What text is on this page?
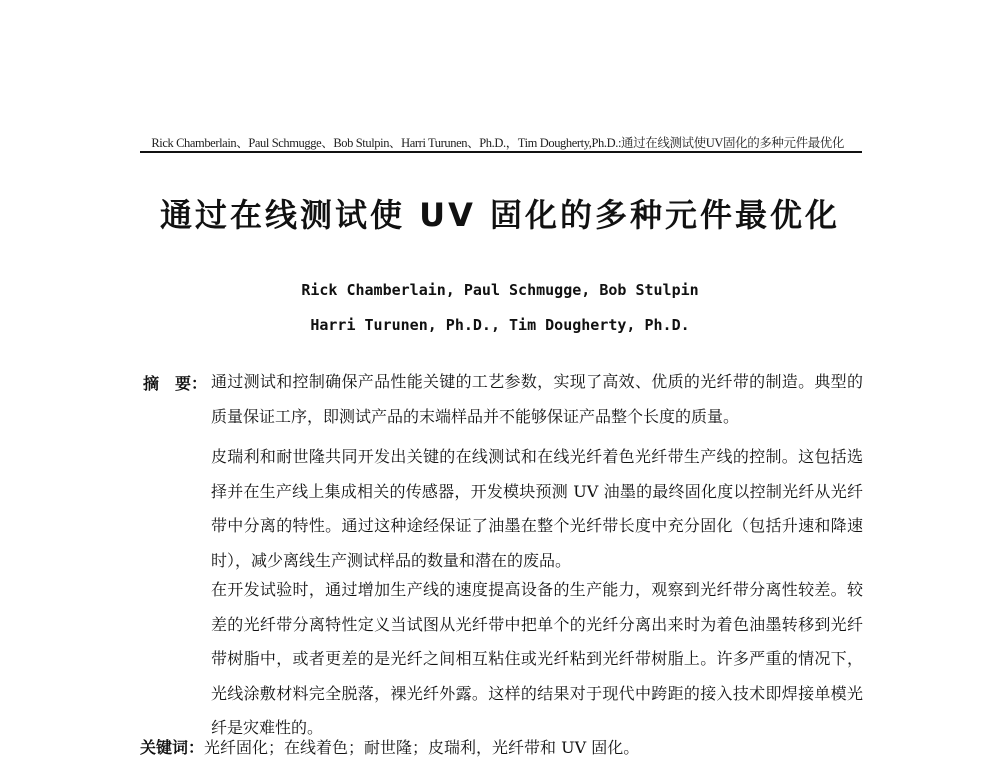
Rick Chamberlain、Paul Schmugge、Bob Stulpin、Harri Turunen、Ph.D.，Tim Dougherty,Ph.D.:通过在线测试使UV固化的多种元件最优化
通过在线测试使 UV 固化的多种元件最优化
Rick Chamberlain, Paul Schmugge, Bob Stulpin
Harri Turunen, Ph.D., Tim Dougherty, Ph.D.
摘　要： 通过测试和控制确保产品性能关键的工艺参数，实现了高效、优质的光纤带的制造。典型的质量保证工序，即测试产品的末端样品并不能够保证产品整个长度的质量。
皮瑞利和耐世隆共同开发出关键的在线测试和在线光纤着色光纤带生产线的控制。这包括选择并在生产线上集成相关的传感器，开发模块预测 UV 油墨的最终固化度以控制光纤从光纤带中分离的特性。通过这种途经保证了油墨在整个光纤带长度中充分固化（包括升速和降速时），减少离线生产测试样品的数量和潜在的废品。
在开发试验时，通过增加生产线的速度提高设备的生产能力，观察到光纤带分离性较差。较差的光纤带分离特性定义当试图从光纤带中把单个的光纤分离出来时为着色油墨转移到光纤带树脂中，或者更差的是光纤之间相互粘住或光纤粘到光纤带树脂上。许多严重的情况下，光线涂敷材料完全脱落，裸光纤外露。这样的结果对于现代中跨距的接入技术即焊接单模光纤是灾难性的。
关键词：光纤固化；在线着色；耐世隆；皮瑞利，光纤带和 UV 固化。
